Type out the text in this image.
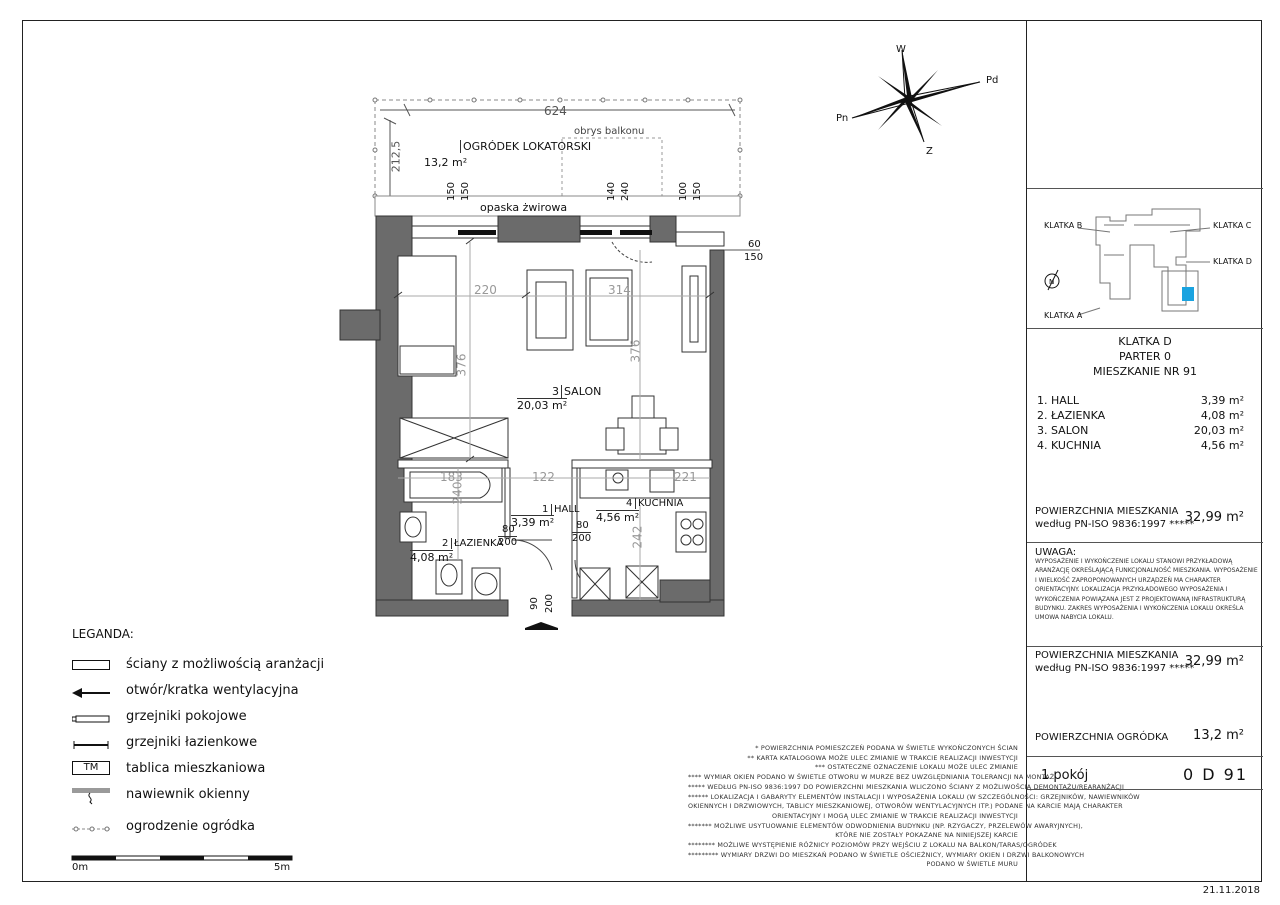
N
624
212,5	OGRÓDEK LOKATORSKI
13,2 m²
obrys balkonu
opaska żwirowa
150 150	140 240	100 150
60
150
220	314
376
376
183	122	221
240
242
3 SALON
20,03 m²
1 HALL
3,39 m²
4 KUCHNIA
4,56 m²
2 ŁAZIENKA
4,08 m²
80
200
80
200
90 200
W
Pd
Pn
Z
LEGANDA:
ściany z możliwością aranżacji
otwór/kratka wentylacyjna
grzejniki pokojowe
grzejniki łazienkowe
TM	tablica mieszkaniowa
nawiewnik okienny
ogrodzenie ogródka
0m	5m
* POWIERZCHNIA POMIESZCZEŃ PODANA W ŚWIETLE WYKOŃCZONYCH ŚCIAN
** KARTA KATALOGOWA MOŻE ULEC ZMIANIE W TRAKCIE REALIZACJI INWESTYCJI
*** OSTATECZNE OZNACZENIE LOKALU MOŻE ULEC ZMIANIE
**** WYMIAR OKIEN PODANO W ŚWIETLE OTWORU W MURZE BEZ UWZGLĘDNIANIA TOLERANCJI NA MONTAŻ
***** WEDŁUG PN-ISO 9836:1997 DO POWIERZCHNI MIESZKANIA WLICZONO ŚCIANY Z MOŻLIWOŚCIĄ DEMONTAŻU/REARANŻACJI
****** LOKALIZACJA I GABARYTY ELEMENTÓW INSTALACJI I WYPOSAŻENIA LOKALU (W SZCZEGÓLNOŚCI: GRZEJNIKÓW, NAWIEWNIKÓW
OKIENNYCH I DRZWIOWYCH, TABLICY MIESZKANIOWEJ, OTWORÓW WENTYLACYJNYCH ITP.) PODANE NA KARCIE MAJĄ CHARAKTER
ORIENTACYJNY I MOGĄ ULEC ZMIANIE W TRAKCIE REALIZACJI INWESTYCJI
******* MOŻLIWE USYTUOWANIE ELEMENTÓW ODWODNIENIA BUDYNKU (NP. RZYGACZY, PRZELEWÓW AWARYJNYCH),
KTÓRE NIE ZOSTAŁY POKAZANE NA NINIEJSZEJ KARCIE
******** MOŻLIWE WYSTĘPIENIE RÓŻNICY POZIOMÓW PRZY WEJŚCIU Z LOKALU NA BALKON/TARAS/OGRÓDEK
********* WYMIARY DRZWI DO MIESZKAŃ PODANO W ŚWIETLE OŚCIEŻNICY, WYMIARY OKIEN I DRZWI BALKONOWYCH
PODANO W ŚWIETLE MURU
KLATKA B	KLATKA C
KLATKA D
KLATKA A
KLATKA D
PARTER 0
MIESZKANIE NR 91
1. HALL	3,39 m²
2. ŁAZIENKA	4,08 m²
3. SALON	20,03 m²
4. KUCHNIA	4,56 m²
POWIERZCHNIA MIESZKANIA
według PN-ISO 9836:1997 *****
32,99 m²
UWAGA:
WYPOSAŻENIE I WYKOŃCZENIE LOKALU STANOWI PRZYKŁADOWĄ
ARANŻACJĘ OKREŚLAJĄCĄ FUNKCJONALNOŚĆ MIESZKANIA. WYPOSAŻENIE
I WIELKOŚĆ ZAPROPONOWANYCH URZĄDZEŃ MA CHARAKTER
ORIENTACYJNY. LOKALIZACJA PRZYKŁADOWEGO WYPOSAŻENIA I
WYKOŃCZENIA POWIĄZANA JEST Z PROJEKTOWANĄ INFRASTRUKTURĄ
BUDYNKU. ZAKRES WYPOSAŻENIA I WYKOŃCZENIA LOKALU OKREŚLA
UMOWA NABYCIA LOKALU.
POWIERZCHNIA MIESZKANIA
według PN-ISO 9836:1997 *****
32,99 m²
POWIERZCHNIA OGRÓDKA 13,2 m²
1 pokój	0 D 91
21.11.2018
